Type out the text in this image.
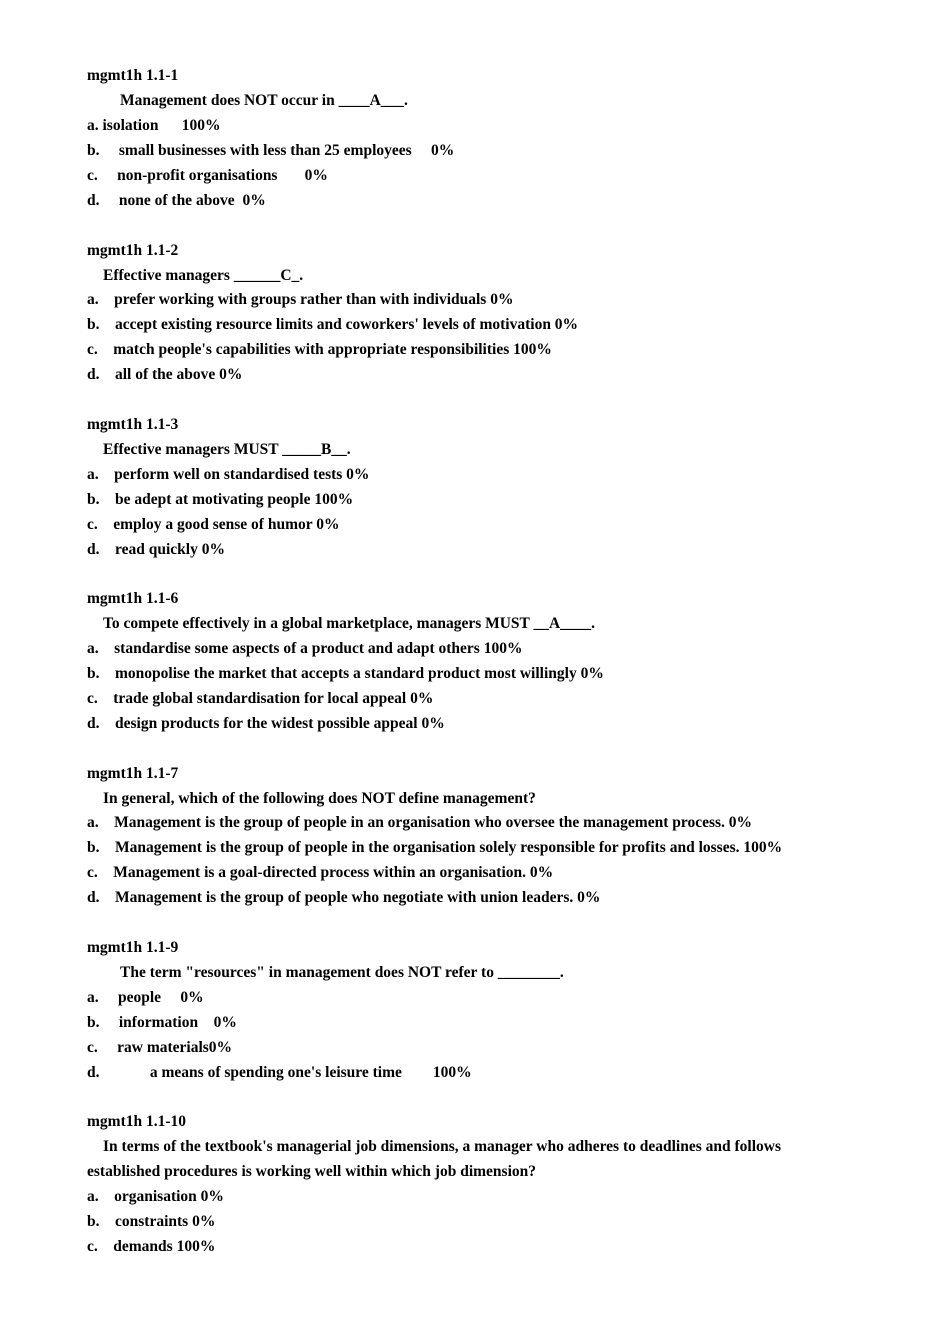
mgmt1h 1.1-1
Management does NOT occur in ____A___.
a. isolation      100%
b.     small businesses with less than 25 employees     0%
c.     non-profit organisations       0%
d.     none of the above  0%
mgmt1h 1.1-2
Effective managers ______C_.
a.    prefer working with groups rather than with individuals 0%
b.    accept existing resource limits and coworkers' levels of motivation 0%
c.    match people's capabilities with appropriate responsibilities 100%
d.    all of the above 0%
mgmt1h 1.1-3
Effective managers MUST _____B__.
a.    perform well on standardised tests 0%
b.    be adept at motivating people 100%
c.    employ a good sense of humor 0%
d.    read quickly 0%
mgmt1h 1.1-6
To compete effectively in a global marketplace, managers MUST __A____.
a.    standardise some aspects of a product and adapt others 100%
b.    monopolise the market that accepts a standard product most willingly 0%
c.    trade global standardisation for local appeal 0%
d.    design products for the widest possible appeal 0%
mgmt1h 1.1-7
In general, which of the following does NOT define management?
a.    Management is the group of people in an organisation who oversee the management process. 0%
b.    Management is the group of people in the organisation solely responsible for profits and losses. 100%
c.    Management is a goal-directed process within an organisation. 0%
d.    Management is the group of people who negotiate with union leaders. 0%
mgmt1h 1.1-9
The term "resources" in management does NOT refer to ________.
a.     people     0%
b.     information    0%
c.     raw materials0%
d.             a means of spending one's leisure time        100%
mgmt1h 1.1-10
In terms of the textbook's managerial job dimensions, a manager who adheres to deadlines and follows
established procedures is working well within which job dimension?
a.    organisation 0%
b.    constraints 0%
c.    demands 100%
